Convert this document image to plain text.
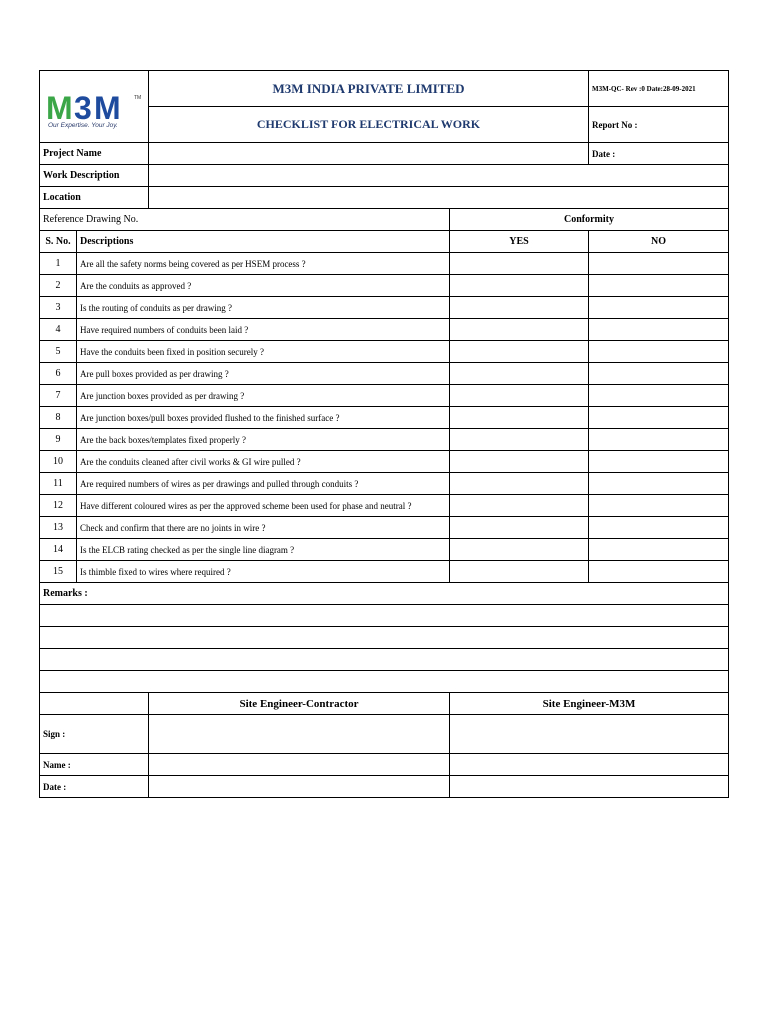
M 3 M TM
Our Expertise. Your Joy.		M3M INDIA PRIVATE LIMITED		M3M-QC- Rev :0 Date:28-09-2021
		CHECKLIST FOR ELECTRICAL WORK		Report No :
Project Name				Date :
Work Description				
Location				
Reference Drawing No.			Conformity	
S. No.	Descriptions		YES	NO
1	Are all the safety norms being covered as per HSEM process ?			
2	Are the conduits as approved ?			
3	Is the routing of conduits as per drawing ?			
4	Have required numbers of conduits been laid ?			
5	Have the conduits been fixed in position securely ?			
6	Are pull boxes provided as per drawing ?			
7	Are junction boxes provided as per drawing ?			
8	Are junction boxes/pull boxes provided flushed to the finished surface ?			
9	Are the back boxes/templates fixed properly ?			
10	Are the conduits cleaned after civil works & GI wire pulled ?			
11	Are required numbers of wires as per drawings and pulled through conduits ?			
12	Have different coloured wires as per the approved scheme been used for phase and neutral ?			
13	Check and confirm that there are no joints in wire ?			
14	Is the ELCB rating checked as per the single line diagram ?			
15	Is thimble fixed to wires where required ?			
Remarks :				

		Site Engineer-Contractor	Site Engineer-M3M	
Sign :				
Name :				
Date :				
